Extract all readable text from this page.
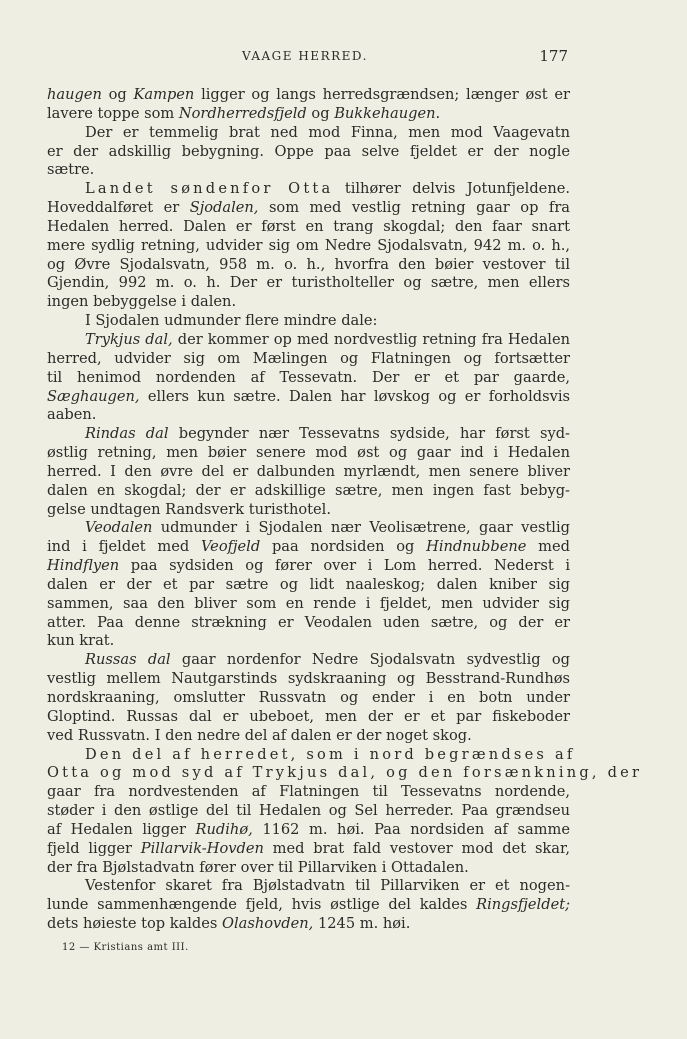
VAAGE HERRED.	177
haugen og Kampen ligger og langs herredsgrændsen; længer øst er
lavere toppe som Nordherredsfjeld og Bukkehaugen.
Der er temmelig brat ned mod Finna, men mod Vaagevatn
er der adskillig bebygning. Oppe paa selve fjeldet er der nogle
sætre.
Landet søndenfor Otta tilhører delvis Jotunfjeldene.
Hoveddalføret er Sjodalen, som med vestlig retning gaar op fra
Hedalen herred. Dalen er først en trang skogdal; den faar snart
mere sydlig retning, udvider sig om Nedre Sjodalsvatn, 942 m. o. h.,
og Øvre Sjodalsvatn, 958 m. o. h., hvorfra den bøier vestover til
Gjendin, 992 m. o. h. Der er turistholteller og sætre, men ellers
ingen bebyggelse i dalen.
I Sjodalen udmunder flere mindre dale:
Trykjus dal, der kommer op med nordvestlig retning fra Hedalen
herred, udvider sig om Mælingen og Flatningen og fortsætter
til henimod nordenden af Tessevatn. Der er et par gaarde,
Sæghaugen, ellers kun sætre. Dalen har løvskog og er forholdsvis
aaben.
Rindas dal begynder nær Tessevatns sydside, har først syd-
østlig retning, men bøier senere mod øst og gaar ind i Hedalen
herred. I den øvre del er dalbunden myrlændt, men senere bliver
dalen en skogdal; der er adskillige sætre, men ingen fast bebyg-
gelse undtagen Randsverk turisthotel.
Veodalen udmunder i Sjodalen nær Veolisætrene, gaar vestlig
ind i fjeldet med Veofjeld paa nordsiden og Hindnubbene med
Hindflyen paa sydsiden og fører over i Lom herred. Nederst i
dalen er der et par sætre og lidt naaleskog; dalen kniber sig
sammen, saa den bliver som en rende i fjeldet, men udvider sig
atter. Paa denne strækning er Veodalen uden sætre, og der er
kun krat.
Russas dal gaar nordenfor Nedre Sjodalsvatn sydvestlig og
vestlig mellem Nautgarstinds sydskraaning og Besstrand-Rundhøs
nordskraaning, omslutter Russvatn og ender i en botn under
Gloptind. Russas dal er ubeboet, men der er et par fiskeboder
ved Russvatn. I den nedre del af dalen er der noget skog.
Den del af herredet, som i nord begrændses af
Otta og mod syd af Trykjus dal, og den forsænkning, der
gaar fra nordvestenden af Flatningen til Tessevatns nordende,
støder i den østlige del til Hedalen og Sel herreder. Paa grændseu
af Hedalen ligger Rudihø, 1162 m. høi. Paa nordsiden af samme
fjeld ligger Pillarvik-Hovden med brat fald vestover mod det skar,
der fra Bjølstadvatn fører over til Pillarviken i Ottadalen.
Vestenfor skaret fra Bjølstadvatn til Pillarviken er et nogen-
lunde sammenhængende fjeld, hvis østlige del kaldes Ringsfjeldet;
dets høieste top kaldes Olashovden, 1245 m. høi.
12 — Kristians amt III.
